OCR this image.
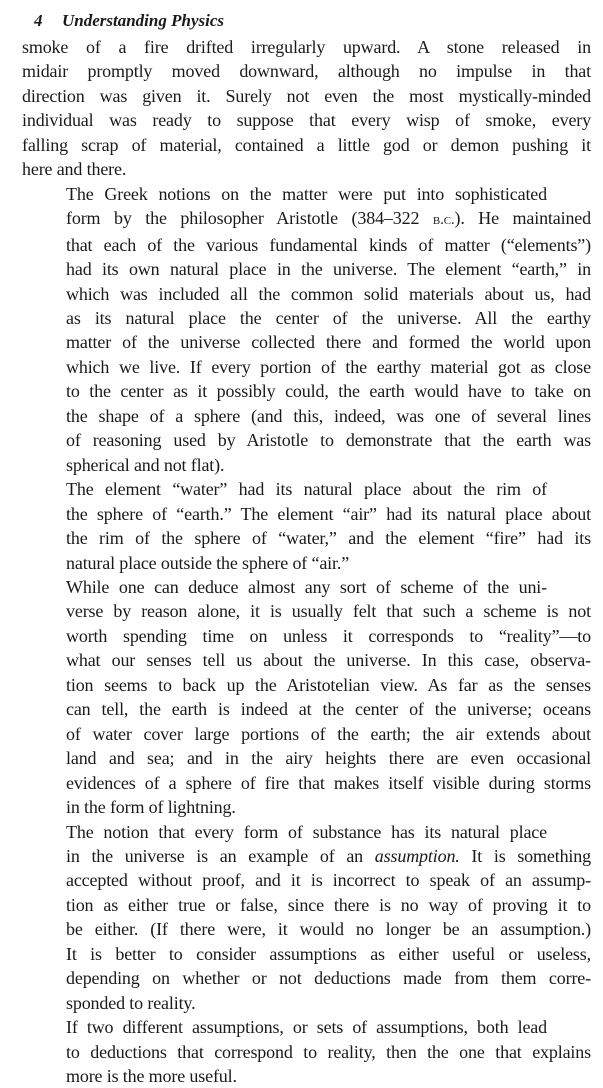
4 Understanding Physics
smoke of a fire drifted irregularly upward. A stone released in
midair promptly moved downward, although no impulse in that
direction was given it. Surely not even the most mystically-minded
individual was ready to suppose that every wisp of smoke, every
falling scrap of material, contained a little god or demon pushing it
here and there.
The Greek notions on the matter were put into sophisticated
form by the philosopher Aristotle (384–322 b.c.). He maintained
that each of the various fundamental kinds of matter (“elements”)
had its own natural place in the universe. The element “earth,” in
which was included all the common solid materials about us, had
as its natural place the center of the universe. All the earthy
matter of the universe collected there and formed the world upon
which we live. If every portion of the earthy material got as close
to the center as it possibly could, the earth would have to take on
the shape of a sphere (and this, indeed, was one of several lines
of reasoning used by Aristotle to demonstrate that the earth was
spherical and not flat).
The element “water” had its natural place about the rim of
the sphere of “earth.” The element “air” had its natural place about
the rim of the sphere of “water,” and the element “fire” had its
natural place outside the sphere of “air.”
While one can deduce almost any sort of scheme of the uni-
verse by reason alone, it is usually felt that such a scheme is not
worth spending time on unless it corresponds to “reality”—to
what our senses tell us about the universe. In this case, observa-
tion seems to back up the Aristotelian view. As far as the senses
can tell, the earth is indeed at the center of the universe; oceans
of water cover large portions of the earth; the air extends about
land and sea; and in the airy heights there are even occasional
evidences of a sphere of fire that makes itself visible during storms
in the form of lightning.
The notion that every form of substance has its natural place
in the universe is an example of an assumption. It is something
accepted without proof, and it is incorrect to speak of an assump-
tion as either true or false, since there is no way of proving it to
be either. (If there were, it would no longer be an assumption.)
It is better to consider assumptions as either useful or useless,
depending on whether or not deductions made from them corre-
sponded to reality.
If two different assumptions, or sets of assumptions, both lead
to deductions that correspond to reality, then the one that explains
more is the more useful.
